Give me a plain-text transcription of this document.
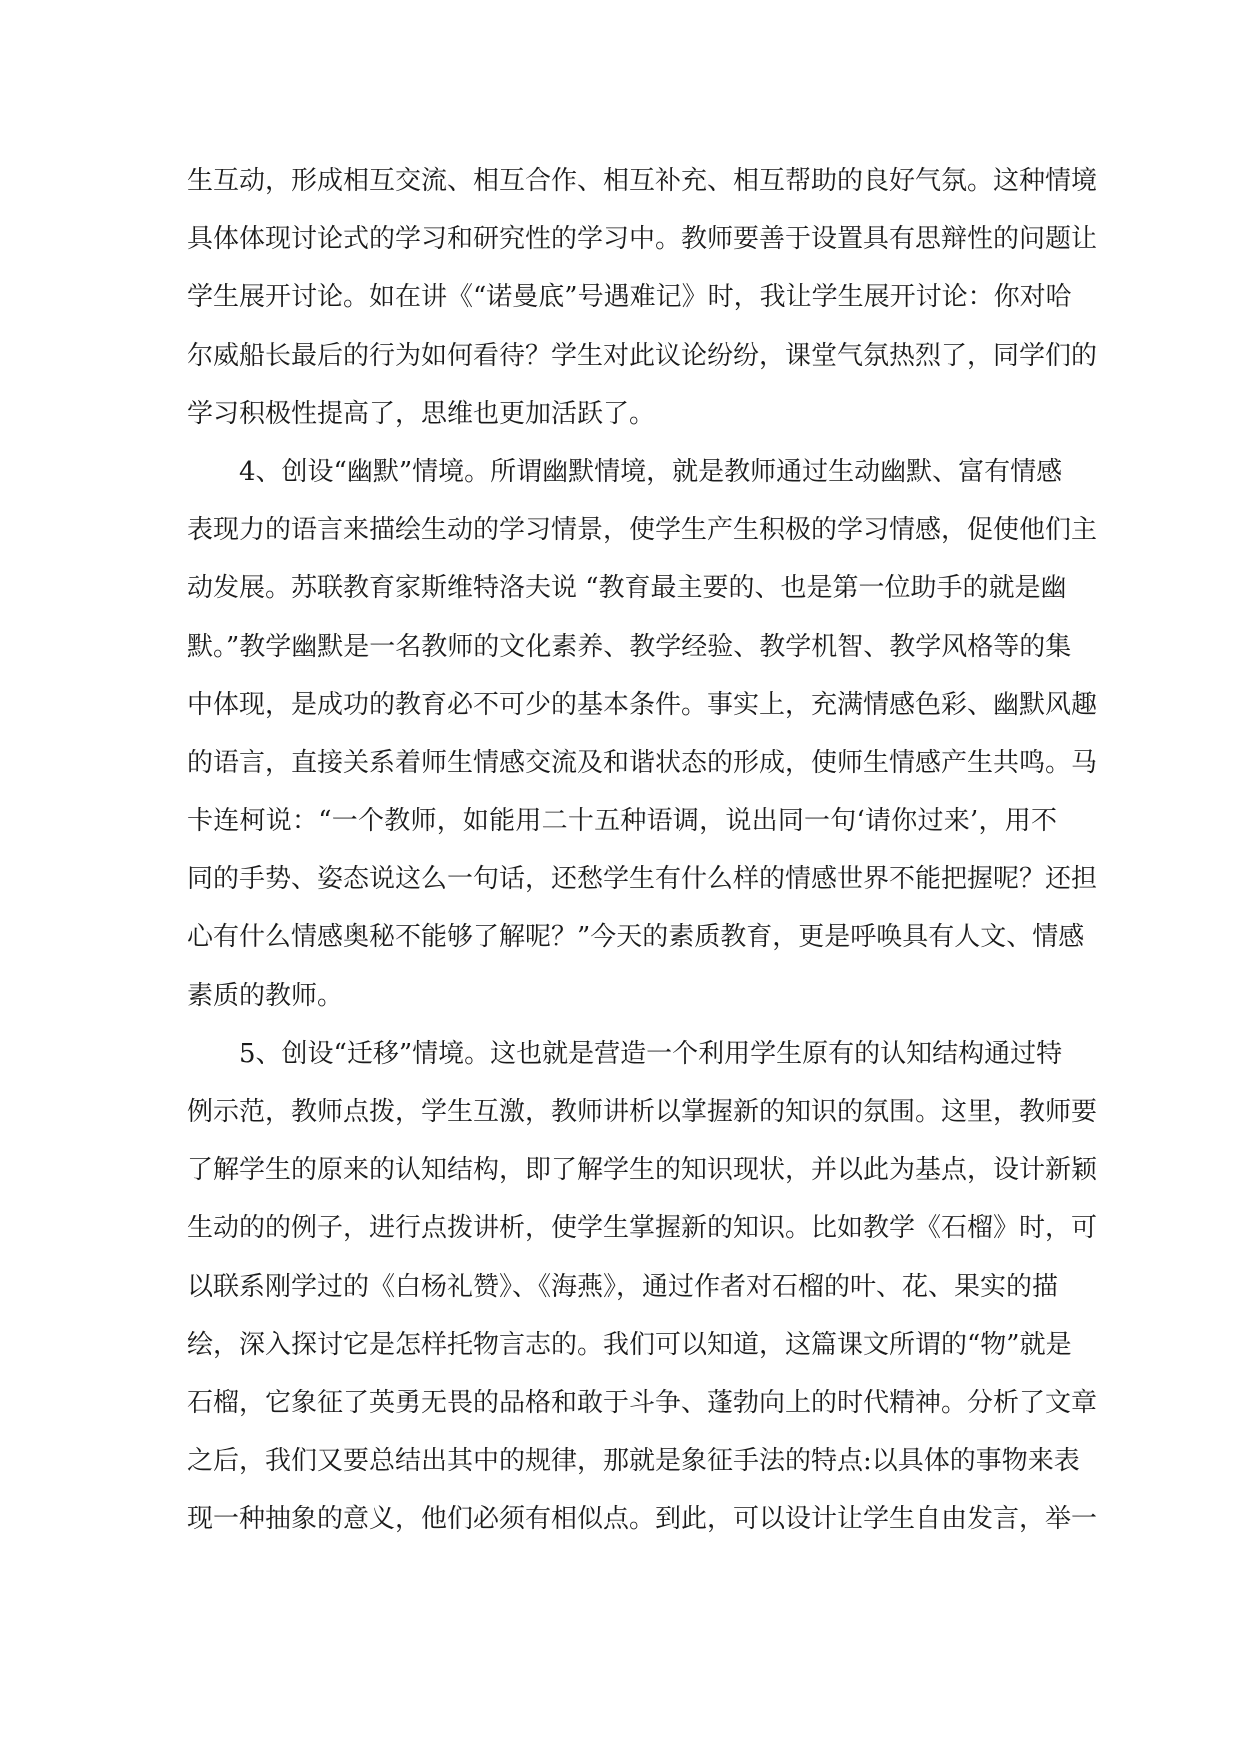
生互动，形成相互交流、相互合作、相互补充、相互帮助的良好气氛。这种情境
具体体现讨论式的学习和研究性的学习中。教师要善于设置具有思辩性的问题让
学生展开讨论。如在讲《“诺曼底”号遇难记》时，我让学生展开讨论：你对哈
尔威船长最后的行为如何看待？学生对此议论纷纷，课堂气氛热烈了，同学们的
学习积极性提高了，思维也更加活跃了。
4、创设“幽默”情境。所谓幽默情境，就是教师通过生动幽默、富有情感
表现力的语言来描绘生动的学习情景，使学生产生积极的学习情感，促使他们主
动发展。苏联教育家斯维特洛夫说 “教育最主要的、也是第一位助手的就是幽
默。”教学幽默是一名教师的文化素养、教学经验、教学机智、教学风格等的集
中体现，是成功的教育必不可少的基本条件。事实上，充满情感色彩、幽默风趣
的语言，直接关系着师生情感交流及和谐状态的形成，使师生情感产生共鸣。马
卡连柯说：“一个教师，如能用二十五种语调，说出同一句‘请你过来’，用不
同的手势、姿态说这么一句话，还愁学生有什么样的情感世界不能把握呢？还担
心有什么情感奥秘不能够了解呢？”今天的素质教育，更是呼唤具有人文、情感
素质的教师。
5、创设“迁移”情境。这也就是营造一个利用学生原有的认知结构通过特
例示范，教师点拨，学生互激，教师讲析以掌握新的知识的氛围。这里，教师要
了解学生的原来的认知结构，即了解学生的知识现状，并以此为基点，设计新颖
生动的的例子，进行点拨讲析，使学生掌握新的知识。比如教学《石榴》时，可
以联系刚学过的《白杨礼赞》、《海燕》，通过作者对石榴的叶、花、果实的描
绘，深入探讨它是怎样托物言志的。我们可以知道，这篇课文所谓的“物”就是
石榴，它象征了英勇无畏的品格和敢于斗争、蓬勃向上的时代精神。分析了文章
之后，我们又要总结出其中的规律，那就是象征手法的特点:以具体的事物来表
现一种抽象的意义，他们必须有相似点。到此，可以设计让学生自由发言，举一
